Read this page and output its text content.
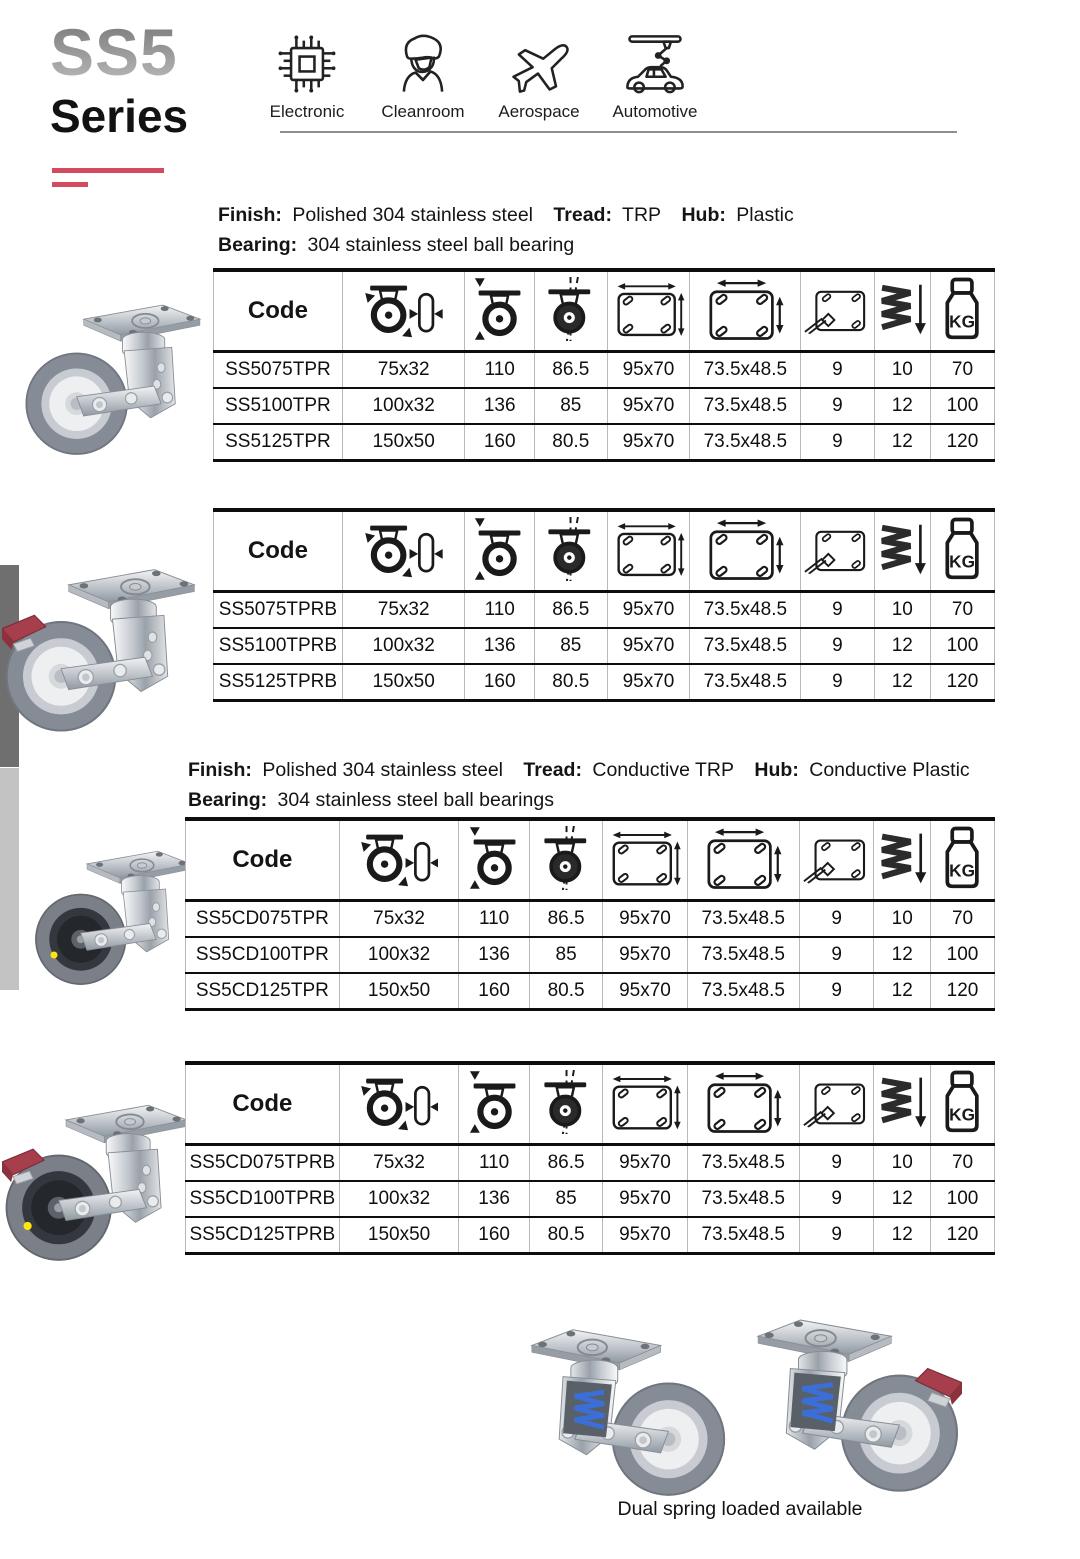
SS5
Series	Electronic Cleanroom Aerospace Automotive
Finish: Polished 304 stainless steel Tread: TRP Hub: Plastic
Bearing: 304 stainless steel ball bearing
Code								
SS5075TPR	75x32	110	86.5	95x70	73.5x48.5	9	10	70
SS5100TPR	100x32	136	85	95x70	73.5x48.5	9	12	100
SS5125TPR	150x50	160	80.5	95x70	73.5x48.5	9	12	120
Code								
SS5075TPRB	75x32	110	86.5	95x70	73.5x48.5	9	10	70
SS5100TPRB	100x32	136	85	95x70	73.5x48.5	9	12	100
SS5125TPRB	150x50	160	80.5	95x70	73.5x48.5	9	12	120
Finish: Polished 304 stainless steel Tread: Conductive TRP Hub: Conductive Plastic
Bearing: 304 stainless steel ball bearings
Code								
SS5CD075TPR	75x32	110	86.5	95x70	73.5x48.5	9	10	70
SS5CD100TPR	100x32	136	85	95x70	73.5x48.5	9	12	100
SS5CD125TPR	150x50	160	80.5	95x70	73.5x48.5	9	12	120
Code								
SS5CD075TPRB	75x32	110	86.5	95x70	73.5x48.5	9	10	70
SS5CD100TPRB	100x32	136	85	95x70	73.5x48.5	9	12	100
SS5CD125TPRB	150x50	160	80.5	95x70	73.5x48.5	9	12	120
Dual spring loaded available
